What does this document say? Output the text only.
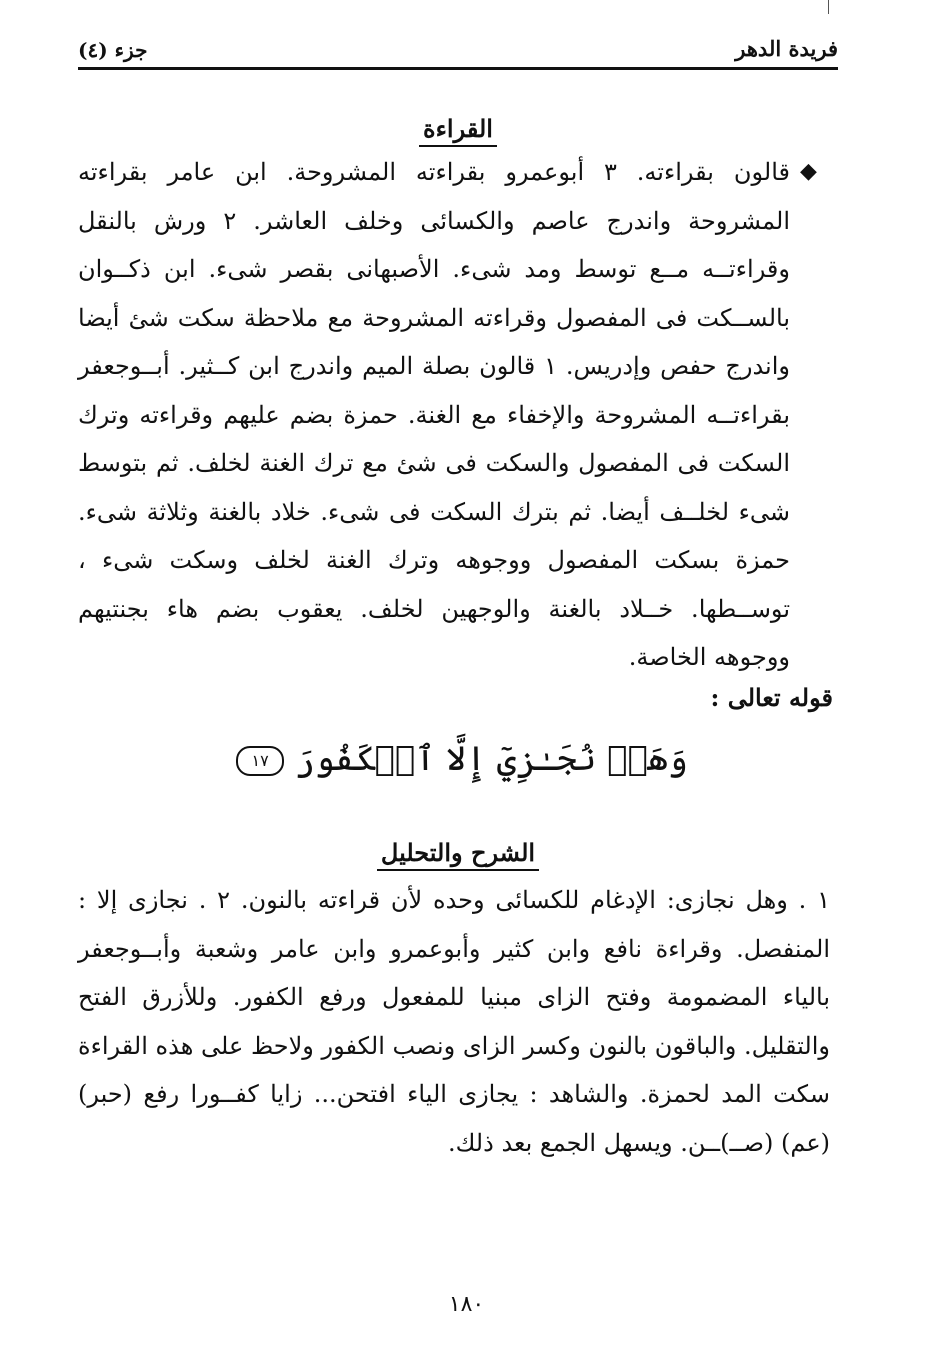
فريدة الدهر
جزء (٤)
القراءة
◆
قالون بقراءته. ٣ أبوعمرو بقراءته المشروحة. ابن عامر بقراءته المشروحة واندرج عاصم والكسائى وخلف العاشر. ٢ ورش بالنقل وقراءتــه مــع توسط ومد شىء. الأصبهانى بقصر شىء. ابن ذكــوان بالســكت فى المفصول وقراءته المشروحة مع ملاحظة سكت شئ أيضا واندرج حفص وإدريس. ١ قالون بصلة الميم واندرج ابن كــثير. أبــوجعفر بقراءتــه المشروحة والإخفاء مع الغنة. حمزة بضم عليهم وقراءته وترك السكت فى المفصول والسكت فى شئ مع ترك الغنة لخلف. ثم بتوسط شىء لخلــف أيضا. ثم بترك السكت فى شىء. خلاد بالغنة وثلاثة شىء. حمزة بسكت المفصول ووجوهه وترك الغنة لخلف وسكت شىء ، توســطها. خــلاد بالغنة والوجهين لخلف. يعقوب بضم هاء بجنتيهم ووجوهه الخاصة.
قوله تعالى :
وَهَلۡ نُجَـٰزِيٓ إِلَّا ٱلۡكَفُورَ ١٧
الشرح والتحليل
١ . وهل نجازى: الإدغام للكسائى وحده لأن قراءته بالنون. ٢ . نجازى إلا : المنفصل. وقراءة نافع وابن كثير وأبوعمرو وابن عامر وشعبة وأبــوجعفر بالياء المضمومة وفتح الزاى مبنيا للمفعول ورفع الكفور. وللأزرق الفتح والتقليل. والباقون بالنون وكسر الزاى ونصب الكفور ولاحظ على هذه القراءة سكت المد لحمزة. والشاهد : يجازى الياء افتحن... زايا كفــورا رفع (حبر) (عم) (صــ)ــن. ويسهل الجمع بعد ذلك.
١٨٠
